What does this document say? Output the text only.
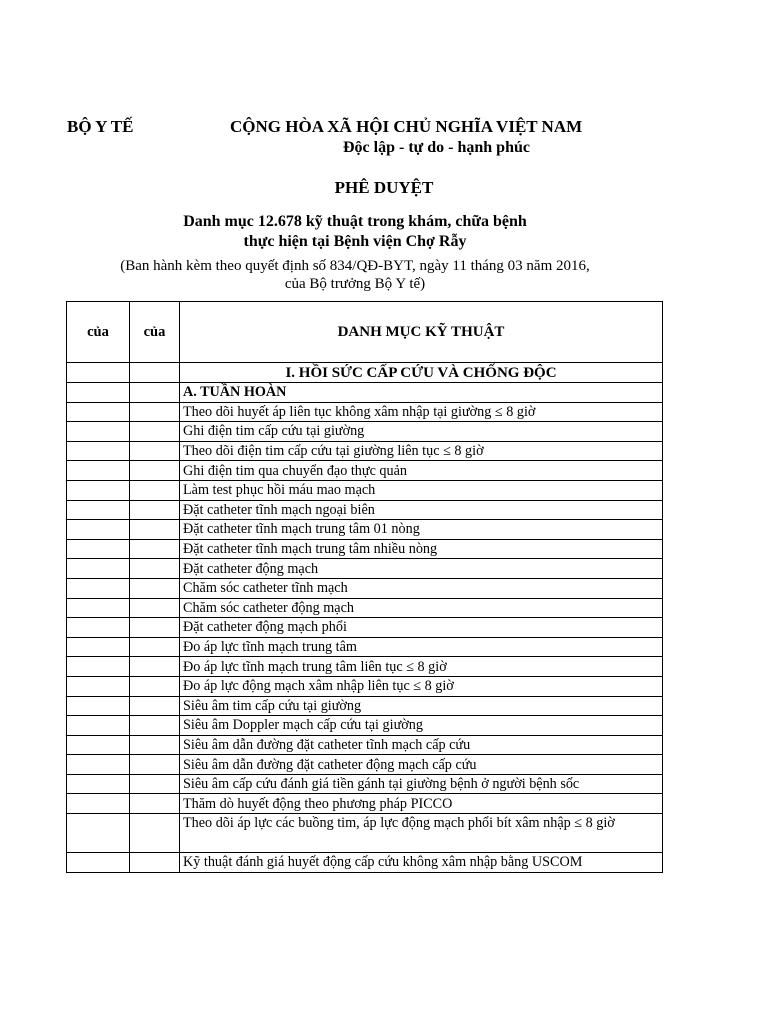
BỘ Y TẾ	CỘNG HÒA XÃ HỘI CHỦ NGHĨA VIỆT NAM
Độc lập - tự do - hạnh phúc
PHÊ DUYỆT
Danh mục 12.678 kỹ thuật trong khám, chữa bệnh
thực hiện tại Bệnh viện Chợ Rẫy
(Ban hành kèm theo quyết định số 834/QĐ-BYT, ngày 11 tháng 03 năm 2016,
của Bộ trưởng Bộ Y tế)
của	của	DANH MỤC KỸ THUẬT
		I. HỒI SỨC CẤP CỨU VÀ CHỐNG ĐỘC
		A. TUẦN HOÀN
		Theo dõi huyết áp liên tục không xâm nhập tại giường ≤ 8 giờ
		Ghi điện tim cấp cứu tại giường
		Theo dõi điện tim cấp cứu tại giường liên tục ≤ 8 giờ
		Ghi điện tim qua chuyển đạo thực quản
		Làm test phục hồi máu mao mạch
		Đặt catheter tĩnh mạch ngoại biên
		Đặt catheter tĩnh mạch trung tâm 01 nòng
		Đặt catheter tĩnh mạch trung tâm nhiều nòng
		Đặt catheter động mạch
		Chăm sóc catheter tĩnh mạch
		Chăm sóc catheter động mạch
		Đặt catheter động mạch phổi
		Đo áp lực tĩnh mạch trung tâm
		Đo áp lực tĩnh mạch trung tâm liên tục ≤ 8 giờ
		Đo áp lực động mạch xâm nhập liên tục ≤ 8 giờ
		Siêu âm tim cấp cứu tại giường
		Siêu âm Doppler mạch cấp cứu tại giường
		Siêu âm dẫn đường đặt catheter tĩnh mạch cấp cứu
		Siêu âm dẫn đường đặt catheter động mạch cấp cứu
		Siêu âm cấp cứu đánh giá tiền gánh tại giường bệnh ở người bệnh sốc
		Thăm dò huyết động theo phương pháp PICCO
		Theo dõi áp lực các buồng tim, áp lực động mạch phổi bít xâm nhập ≤ 8 giờ
		Kỹ thuật đánh giá huyết động cấp cứu không xâm nhập bằng USCOM
